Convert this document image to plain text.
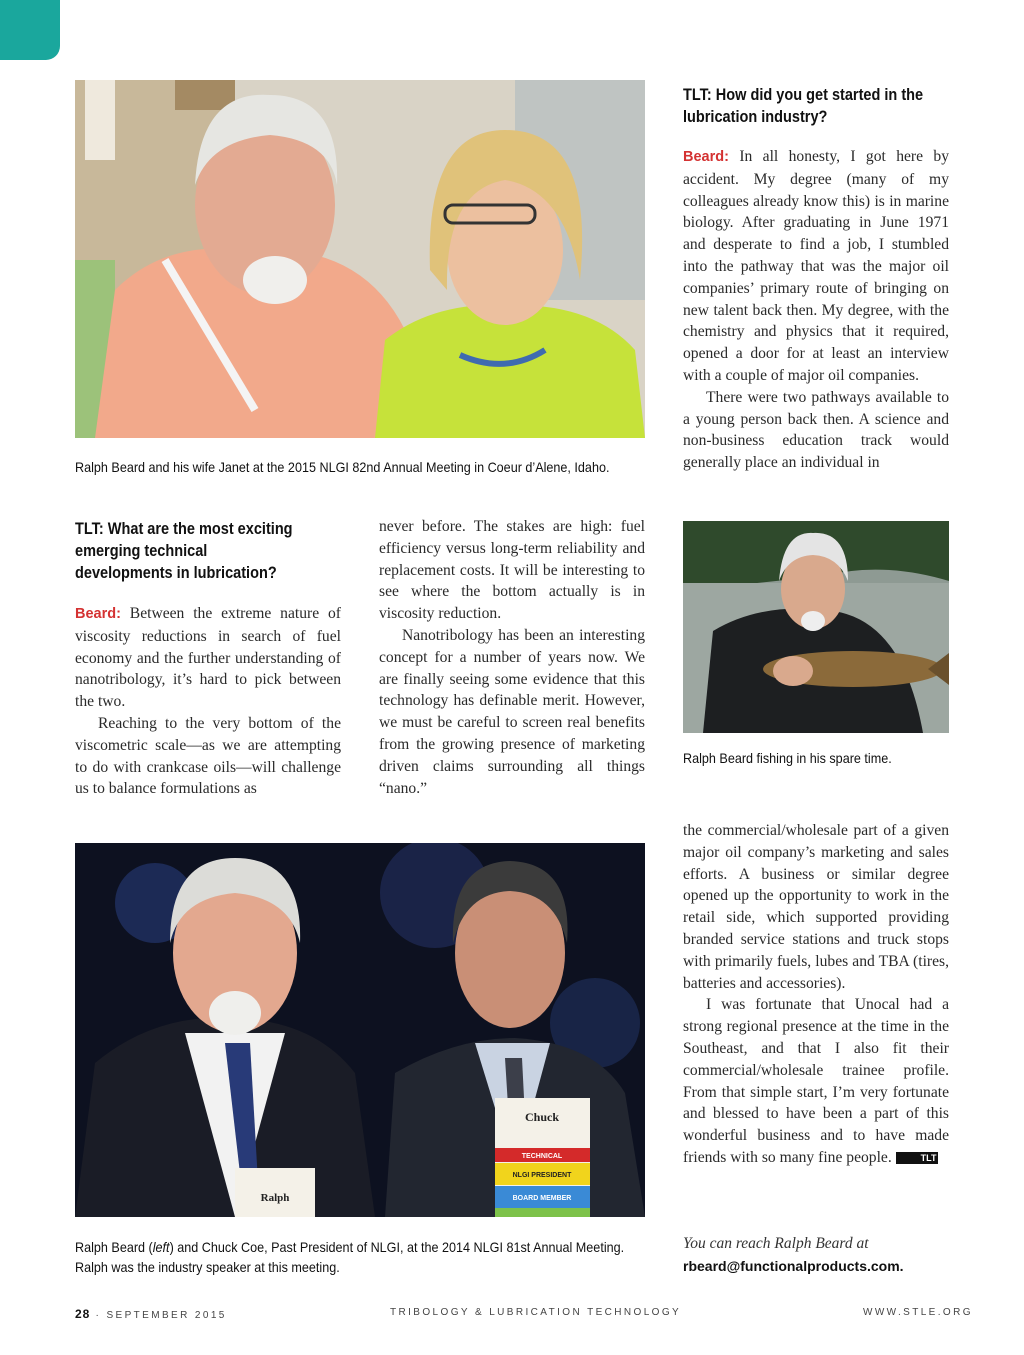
Ralph Beard and his wife Janet at the 2015 NLGI 82nd Annual Meeting in Coeur d’Alene, Idaho.
TLT: How did you get started in the lubrication industry?

Beard: In all honesty, I got here by accident. My degree (many of my colleagues already know this) is in marine biology. After graduating in June 1971 and desperate to find a job, I stumbled into the pathway that was the major oil companies’ primary route of bringing on new talent back then. My degree, with the chemistry and physics that it required, opened a door for at least an interview with a couple of major oil companies.

There were two pathways available to a young person back then. A science and non-business education track would generally place an individual in

Ralph Beard fishing in his spare time.
TLT: What are the most exciting emerging technical developments in lubrication?

Beard: Between the extreme nature of viscosity reductions in search of fuel economy and the further understanding of nanotribology, it’s hard to pick between the two.

Reaching to the very bottom of the viscometric scale—as we are attempting to do with crankcase oils—will challenge us to balance formulations as

never before. The stakes are high: fuel efficiency versus long-term reliability and replacement costs. It will be interesting to see where the bottom actually is in viscosity reduction.

Nanotribology has been an interesting concept for a number of years now. We are finally seeing some evidence that this technology has definable merit. However, we must be careful to screen real benefits from the growing presence of marketing driven claims surrounding all things “nano.”

Ralph
Chuck
TECHNICAL
NLGI PRESIDENT
BOARD MEMBER
Ralph Beard (left) and Chuck Coe, Past President of NLGI, at the 2014 NLGI 81st Annual Meeting. Ralph was the industry speaker at this meeting.

the commercial/wholesale part of a given major oil company’s marketing and sales efforts. A business or similar degree opened up the opportunity to work in the retail side, which supported providing branded service stations and truck stops with primarily fuels, lubes and TBA (tires, batteries and accessories).

I was fortunate that Unocal had a strong regional presence at the time in the Southeast, and that I also fit their commercial/wholesale trainee profile. From that simple start, I’m very fortunate and blessed to have been a part of this wonderful business and to have made friends with so many fine people.	TLT

You can reach Ralph Beard at
rbeard@functionalproducts.com.
28 · SEPTEMBER 2015	TRIBOLOGY & LUBRICATION TECHNOLOGY	WWW.STLE.ORG
